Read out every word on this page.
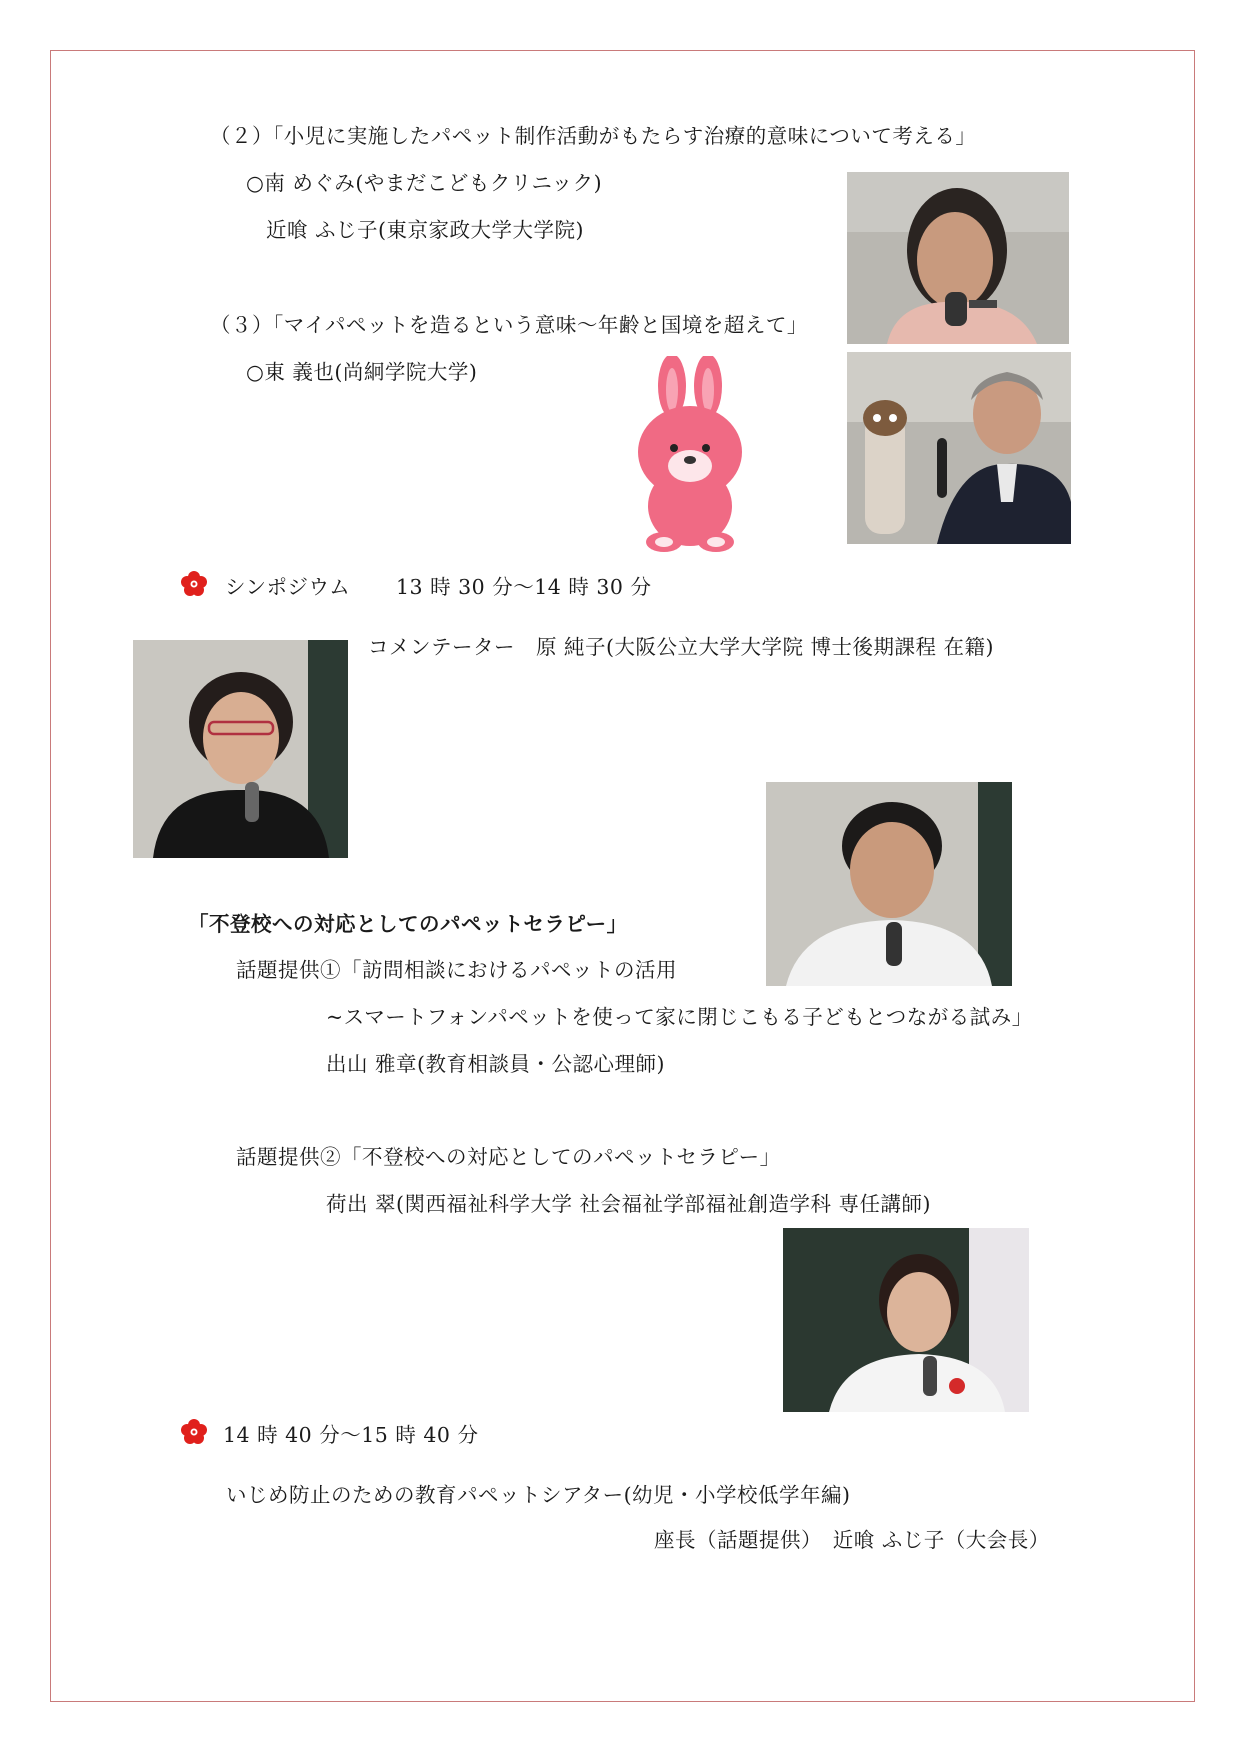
（２）「小児に実施したパペット制作活動がもたらす治療的意味について考える」
○南 めぐみ(やまだこどもクリニック)
近喰 ふじ子(東京家政大学大学院)
（３）「マイパペットを造るという意味～年齢と国境を超えて」
○東 義也(尚絅学院大学)
シンポジウム 13 時 30 分～14 時 30 分
コメンテーター　原 純子(大阪公立大学大学院 博士後期課程 在籍)
「不登校への対応としてのパペットセラピー」
話題提供①「訪問相談におけるパペットの活用
~スマートフォンパペットを使って家に閉じこもる子どもとつながる試み」
出山 雅章(教育相談員・公認心理師)
話題提供②「不登校への対応としてのパペットセラピー」
荷出 翠(関西福祉科学大学 社会福祉学部福祉創造学科 専任講師)
14 時 40 分～15 時 40 分
いじめ防止のための教育パペットシアター(幼児・小学校低学年編)
座長（話題提供）　近喰 ふじ子（大会長）
